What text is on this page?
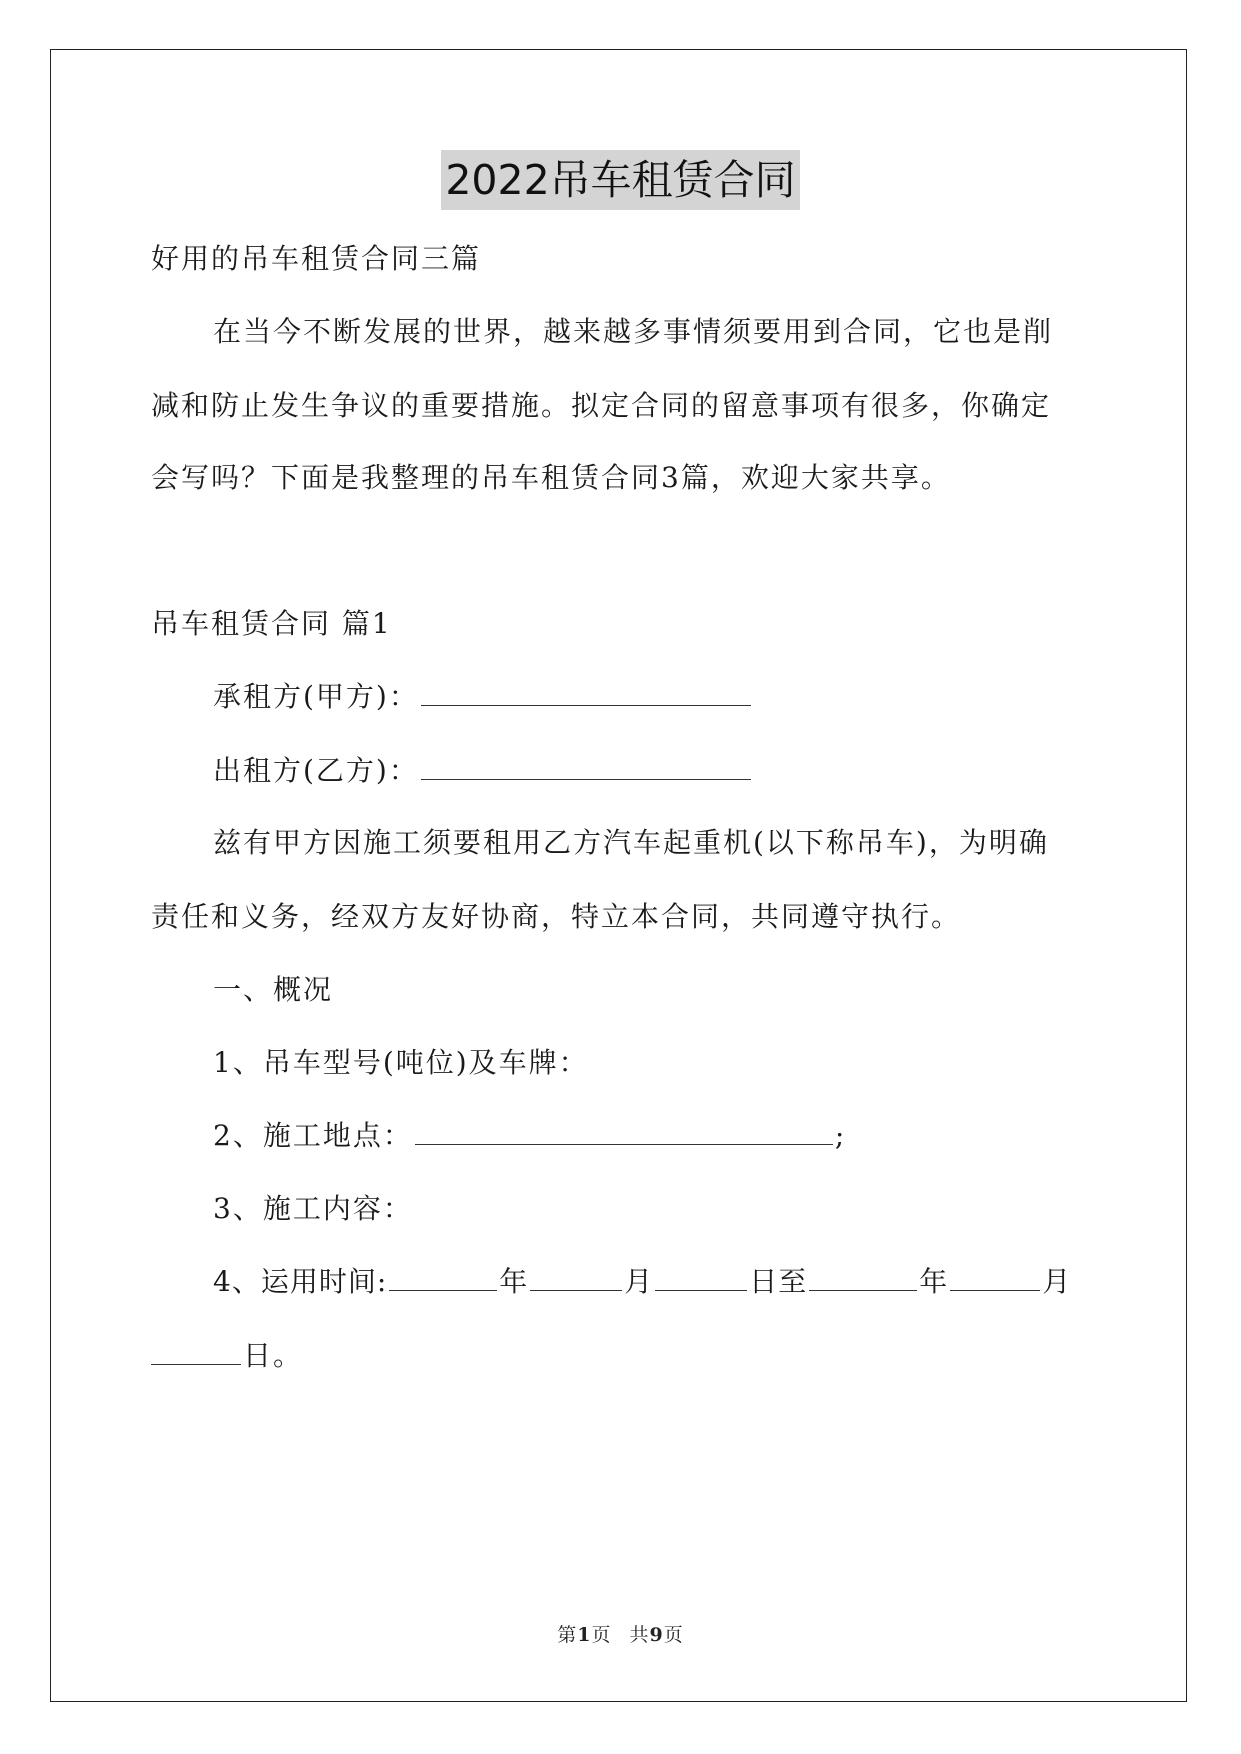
2022吊车租赁合同
好用的吊车租赁合同三篇
在当今不断发展的世界，越来越多事情须要用到合同，它也是削
减和防止发生争议的重要措施。拟定合同的留意事项有很多，你确定
会写吗？下面是我整理的吊车租赁合同3篇，欢迎大家共享。
吊车租赁合同 篇1
承租方(甲方)：
出租方(乙方)：
兹有甲方因施工须要租用乙方汽车起重机(以下称吊车)，为明确
责任和义务，经双方友好协商，特立本合同，共同遵守执行。
一、概况
1、吊车型号(吨位)及车牌：
2、施工地点：	;
3、施工内容：
4、运用时间:	年	月	日至	年	月
日。
第1页 共9页
